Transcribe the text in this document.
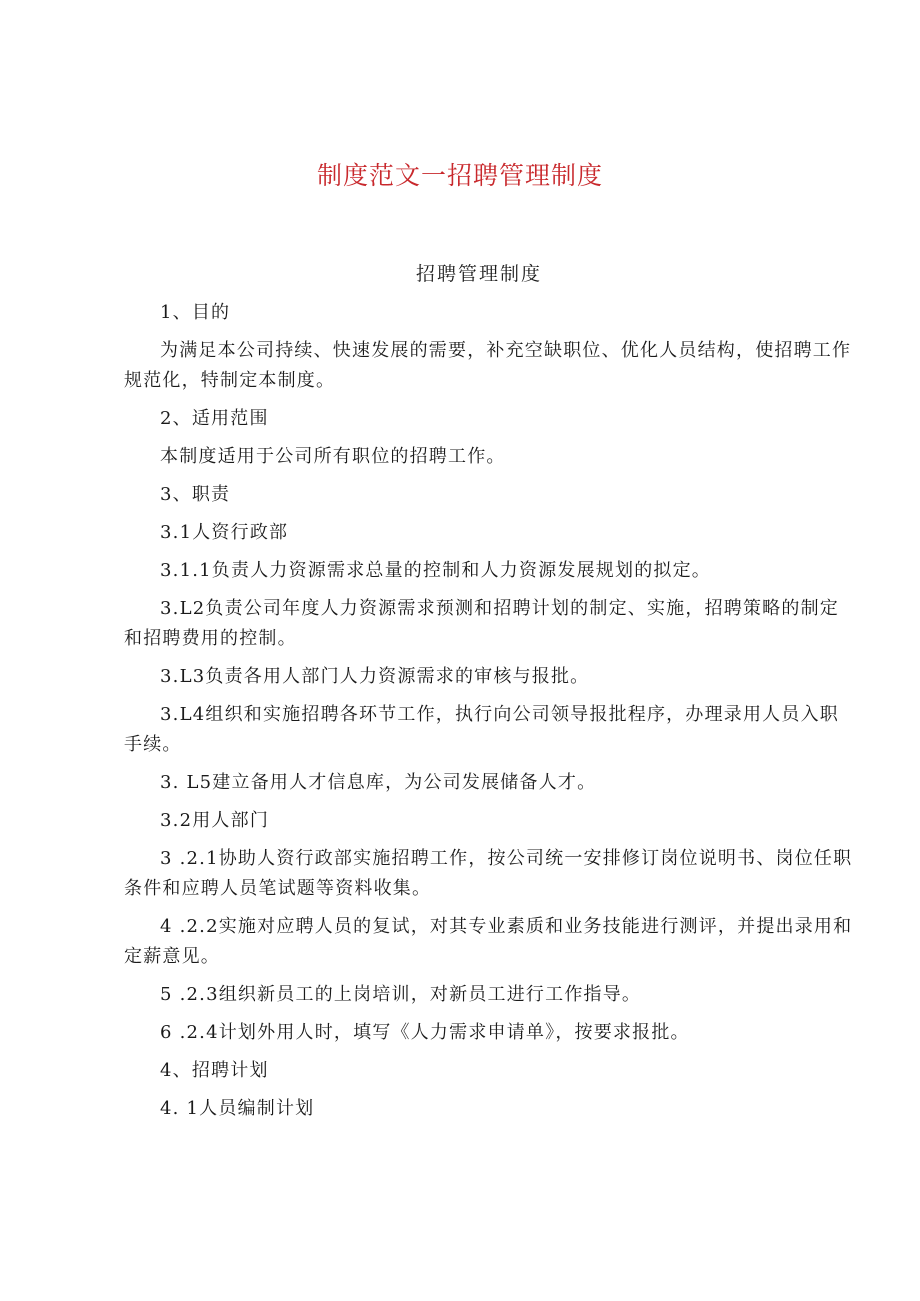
制度范文一招聘管理制度
招聘管理制度

1、目的

为满足本公司持续、快速发展的需要，补充空缺职位、优化人员结构，使招聘工作规范化，特制定本制度。

2、适用范围

本制度适用于公司所有职位的招聘工作。

3、职责

3.1人资行政部

3.1.1负责人力资源需求总量的控制和人力资源发展规划的拟定。

3.L2负责公司年度人力资源需求预测和招聘计划的制定、实施，招聘策略的制定和招聘费用的控制。

3.L3负责各用人部门人力资源需求的审核与报批。

3.L4组织和实施招聘各环节工作，执行向公司领导报批程序，办理录用人员入职手续。

3. L5建立备用人才信息库，为公司发展储备人才。

3.2用人部门

3 .2.1协助人资行政部实施招聘工作，按公司统一安排修订岗位说明书、岗位任职条件和应聘人员笔试题等资料收集。

4 .2.2实施对应聘人员的复试，对其专业素质和业务技能进行测评，并提出录用和定薪意见。

5 .2.3组织新员工的上岗培训，对新员工进行工作指导。

6 .2.4计划外用人时，填写《人力需求申请单》，按要求报批。

4、招聘计划

4. 1人员编制计划
